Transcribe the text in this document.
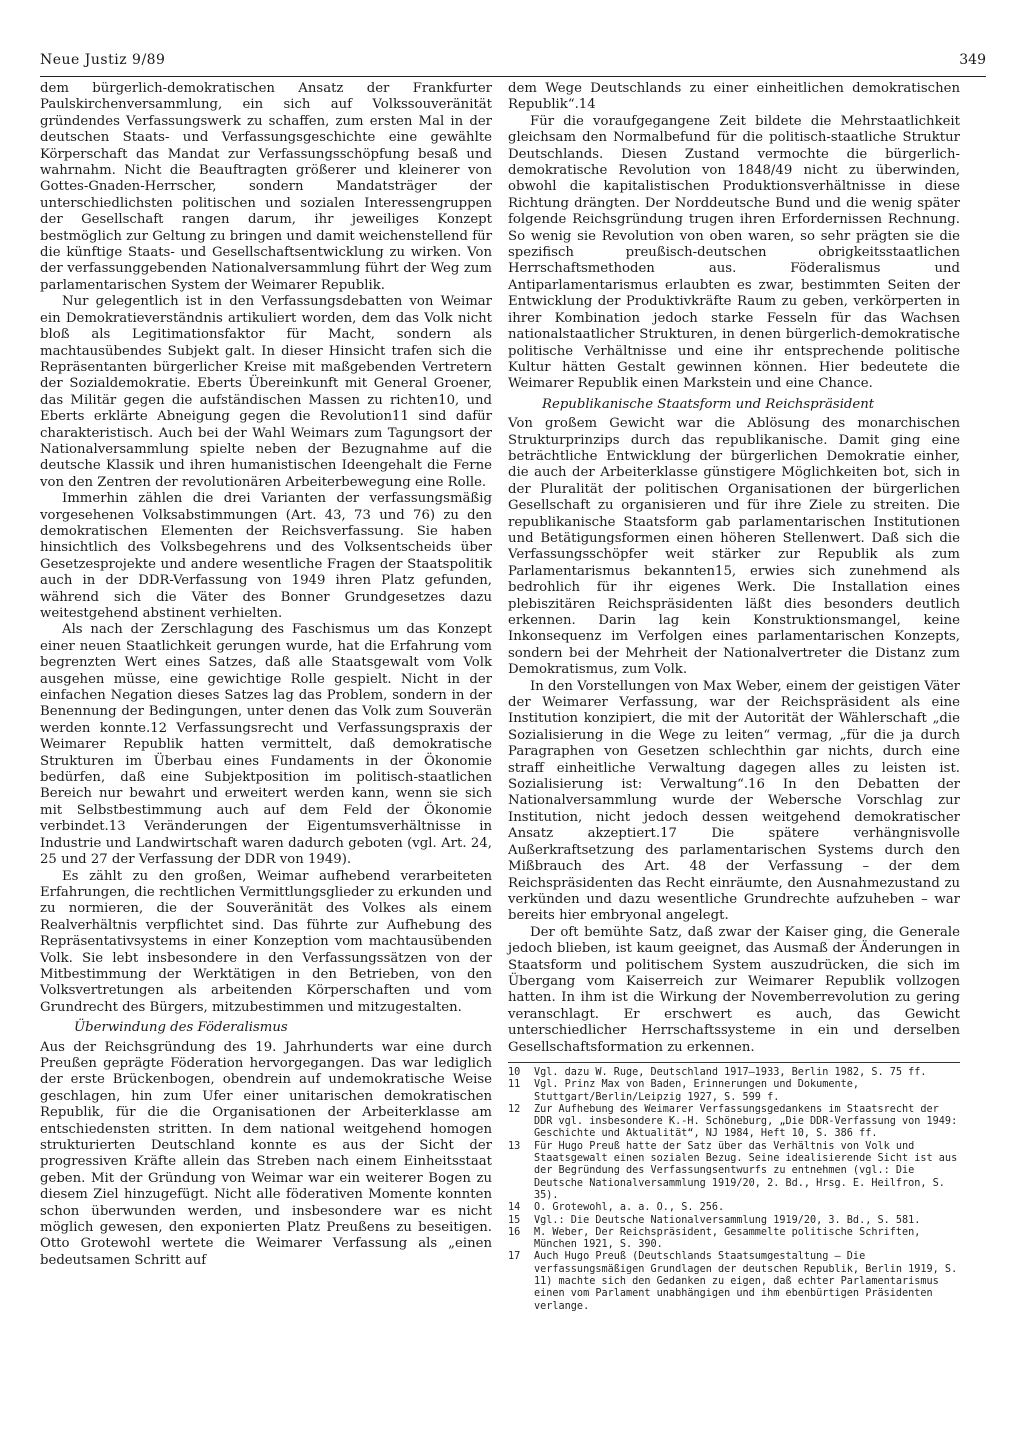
Neue Justiz 9/89	349

dem bürgerlich-demokratischen Ansatz der Frankfurter Paulskirchenversammlung, ein sich auf Volkssouveränität gründendes Verfassungswerk zu schaffen, zum ersten Mal in der deutschen Staats- und Verfassungsgeschichte eine gewählte Körperschaft das Mandat zur Verfassungsschöpfung besaß und wahrnahm. Nicht die Beauftragten größerer und kleinerer von Gottes-Gnaden-Herrscher, sondern Mandatsträger der unterschiedlichsten politischen und sozialen Interessengruppen der Gesellschaft rangen darum, ihr jeweiliges Konzept bestmöglich zur Geltung zu bringen und damit weichenstellend für die künftige Staats- und Gesellschaftsentwicklung zu wirken. Von der verfassunggebenden Nationalversammlung führt der Weg zum parlamentarischen System der Weimarer Republik.

Nur gelegentlich ist in den Verfassungsdebatten von Weimar ein Demokratieverständnis artikuliert worden, dem das Volk nicht bloß als Legitimationsfaktor für Macht, sondern als machtausübendes Subjekt galt. In dieser Hinsicht trafen sich die Repräsentanten bürgerlicher Kreise mit maßgebenden Vertretern der Sozialdemokratie. Eberts Übereinkunft mit General Groener, das Militär gegen die aufständischen Massen zu richten10, und Eberts erklärte Abneigung gegen die Revolution11 sind dafür charakteristisch. Auch bei der Wahl Weimars zum Tagungsort der Nationalversammlung spielte neben der Bezugnahme auf die deutsche Klassik und ihren humanistischen Ideengehalt die Ferne von den Zentren der revolutionären Arbeiterbewegung eine Rolle.

Immerhin zählen die drei Varianten der verfassungsmäßig vorgesehenen Volksabstimmungen (Art. 43, 73 und 76) zu den demokratischen Elementen der Reichsverfassung. Sie haben hinsichtlich des Volksbegehrens und des Volksentscheids über Gesetzesprojekte und andere wesentliche Fragen der Staatspolitik auch in der DDR-Verfassung von 1949 ihren Platz gefunden, während sich die Väter des Bonner Grundgesetzes dazu weitestgehend abstinent verhielten.

Als nach der Zerschlagung des Faschismus um das Konzept einer neuen Staatlichkeit gerungen wurde, hat die Erfahrung vom begrenzten Wert eines Satzes, daß alle Staatsgewalt vom Volk ausgehen müsse, eine gewichtige Rolle gespielt. Nicht in der einfachen Negation dieses Satzes lag das Problem, sondern in der Benennung der Bedingungen, unter denen das Volk zum Souverän werden konnte.12 Verfassungsrecht und Verfassungspraxis der Weimarer Republik hatten vermittelt, daß demokratische Strukturen im Überbau eines Fundaments in der Ökonomie bedürfen, daß eine Subjektposition im politisch-staatlichen Bereich nur bewahrt und erweitert werden kann, wenn sie sich mit Selbstbestimmung auch auf dem Feld der Ökonomie verbindet.13 Veränderungen der Eigentumsverhältnisse in Industrie und Landwirtschaft waren dadurch geboten (vgl. Art. 24, 25 und 27 der Verfassung der DDR von 1949).

Es zählt zu den großen, Weimar aufhebend verarbeiteten Erfahrungen, die rechtlichen Vermittlungsglieder zu erkunden und zu normieren, die der Souveränität des Volkes als einem Realverhältnis verpflichtet sind. Das führte zur Aufhebung des Repräsentativsystems in einer Konzeption vom machtausübenden Volk. Sie lebt insbesondere in den Verfassungssätzen von der Mitbestimmung der Werktätigen in den Betrieben, von den Volksvertretungen als arbeitenden Körperschaften und vom Grundrecht des Bürgers, mitzubestimmen und mitzugestalten.

Überwindung des Föderalismus

Aus der Reichsgründung des 19. Jahrhunderts war eine durch Preußen geprägte Föderation hervorgegangen. Das war lediglich der erste Brückenbogen, obendrein auf undemokratische Weise geschlagen, hin zum Ufer einer unitarischen demokratischen Republik, für die die Organisationen der Arbeiterklasse am entschiedensten stritten. In dem national weitgehend homogen strukturierten Deutschland konnte es aus der Sicht der progressiven Kräfte allein das Streben nach einem Einheitsstaat geben. Mit der Gründung von Weimar war ein weiterer Bogen zu diesem Ziel hinzugefügt. Nicht alle föderativen Momente konnten schon überwunden werden, und insbesondere war es nicht möglich gewesen, den exponierten Platz Preußens zu beseitigen. Otto Grotewohl wertete die Weimarer Verfassung als „einen bedeutsamen Schritt auf

dem Wege Deutschlands zu einer einheitlichen demokratischen Republik“.14

Für die voraufgegangene Zeit bildete die Mehrstaatlichkeit gleichsam den Normalbefund für die politisch-staatliche Struktur Deutschlands. Diesen Zustand vermochte die bürgerlich-demokratische Revolution von 1848/49 nicht zu überwinden, obwohl die kapitalistischen Produktionsverhältnisse in diese Richtung drängten. Der Norddeutsche Bund und die wenig später folgende Reichsgründung trugen ihren Erfordernissen Rechnung. So wenig sie Revolution von oben waren, so sehr prägten sie die spezifisch preußisch-deutschen obrigkeitsstaatlichen Herrschaftsmethoden aus. Föderalismus und Antiparlamentarismus erlaubten es zwar, bestimmten Seiten der Entwicklung der Produktivkräfte Raum zu geben, verkörperten in ihrer Kombination jedoch starke Fesseln für das Wachsen nationalstaatlicher Strukturen, in denen bürgerlich-demokratische politische Verhältnisse und eine ihr entsprechende politische Kultur hätten Gestalt gewinnen können. Hier bedeutete die Weimarer Republik einen Markstein und eine Chance.

Republikanische Staatsform und Reichspräsident

Von großem Gewicht war die Ablösung des monarchischen Strukturprinzips durch das republikanische. Damit ging eine beträchtliche Entwicklung der bürgerlichen Demokratie einher, die auch der Arbeiterklasse günstigere Möglichkeiten bot, sich in der Pluralität der politischen Organisationen der bürgerlichen Gesellschaft zu organisieren und für ihre Ziele zu streiten. Die republikanische Staatsform gab parlamentarischen Institutionen und Betätigungsformen einen höheren Stellenwert. Daß sich die Verfassungsschöpfer weit stärker zur Republik als zum Parlamentarismus bekannten15, erwies sich zunehmend als bedrohlich für ihr eigenes Werk. Die Installation eines plebiszitären Reichspräsidenten läßt dies besonders deutlich erkennen. Darin lag kein Konstruktionsmangel, keine Inkonsequenz im Verfolgen eines parlamentarischen Konzepts, sondern bei der Mehrheit der Nationalvertreter die Distanz zum Demokratismus, zum Volk.

In den Vorstellungen von Max Weber, einem der geistigen Väter der Weimarer Verfassung, war der Reichspräsident als eine Institution konzipiert, die mit der Autorität der Wählerschaft „die Sozialisierung in die Wege zu leiten“ vermag, „für die ja durch Paragraphen von Gesetzen schlechthin gar nichts, durch eine straff einheitliche Verwaltung dagegen alles zu leisten ist. Sozialisierung ist: Verwaltung“.16 In den Debatten der Nationalversammlung wurde der Webersche Vorschlag zur Institution, nicht jedoch dessen weitgehend demokratischer Ansatz akzeptiert.17 Die spätere verhängnisvolle Außerkraftsetzung des parlamentarischen Systems durch den Mißbrauch des Art. 48 der Verfassung – der dem Reichspräsidenten das Recht einräumte, den Ausnahmezustand zu verkünden und dazu wesentliche Grundrechte aufzuheben – war bereits hier embryonal angelegt.

Der oft bemühte Satz, daß zwar der Kaiser ging, die Generale jedoch blieben, ist kaum geeignet, das Ausmaß der Änderungen in Staatsform und politischem System auszudrücken, die sich im Übergang vom Kaiserreich zur Weimarer Republik vollzogen hatten. In ihm ist die Wirkung der Novemberrevolution zu gering veranschlagt. Er erschwert es auch, das Gewicht unterschiedlicher Herrschaftssysteme in ein und derselben Gesellschaftsformation zu erkennen.

10	Vgl. dazu W. Ruge, Deutschland 1917–1933, Berlin 1982, S. 75 ff.
11	Vgl. Prinz Max von Baden, Erinnerungen und Dokumente, Stuttgart/Berlin/Leipzig 1927, S. 599 f.
12	Zur Aufhebung des Weimarer Verfassungsgedankens im Staatsrecht der DDR vgl. insbesondere K.-H. Schöneburg, „Die DDR-Verfassung von 1949: Geschichte und Aktualität“, NJ 1984, Heft 10, S. 386 ff.
13	Für Hugo Preuß hatte der Satz über das Verhältnis von Volk und Staatsgewalt einen sozialen Bezug. Seine idealisierende Sicht ist aus der Begründung des Verfassungsentwurfs zu entnehmen (vgl.: Die Deutsche Nationalversammlung 1919/20, 2. Bd., Hrsg. E. Heilfron, S. 35).
14	O. Grotewohl, a. a. O., S. 256.
15	Vgl.: Die Deutsche Nationalversammlung 1919/20, 3. Bd., S. 581.
16	M. Weber, Der Reichspräsident, Gesammelte politische Schriften, München 1921, S. 390.
17	Auch Hugo Preuß (Deutschlands Staatsumgestaltung – Die verfassungsmäßigen Grundlagen der deutschen Republik, Berlin 1919, S. 11) machte sich den Gedanken zu eigen, daß echter Parlamentarismus einen vom Parlament unabhängigen und ihm ebenbürtigen Präsidenten verlange.
